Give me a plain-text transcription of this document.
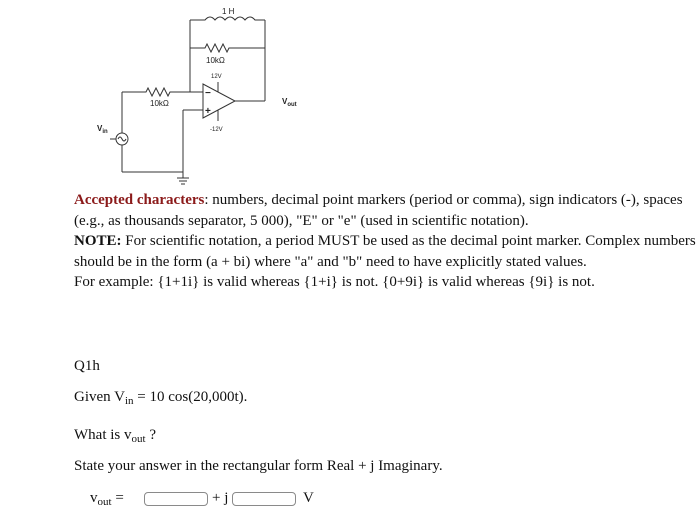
1 H
10kΩ
10kΩ
12V
-12V
−
+
$V_{in}$
$V_{out}$

Accepted characters: numbers, decimal point markers (period or comma), sign indicators (-), spaces (e.g., as thousands separator, 5 000), "E" or "e" (used in scientific notation).

NOTE: For scientific notation, a period MUST be used as the decimal point marker. Complex numbers should be in the form (a + bi) where "a" and "b" need to have explicitly stated values.

For example: {1+1i} is valid whereas {1+i} is not. {0+9i} is valid whereas {9i} is not.

Q1h
Given $V_{in} = 10$ cos(20,000t).
What is $v_{out}$ ?
State your answer in the rectangular form Real + j Imaginary.
$v_{out}$ =	+ j	V
